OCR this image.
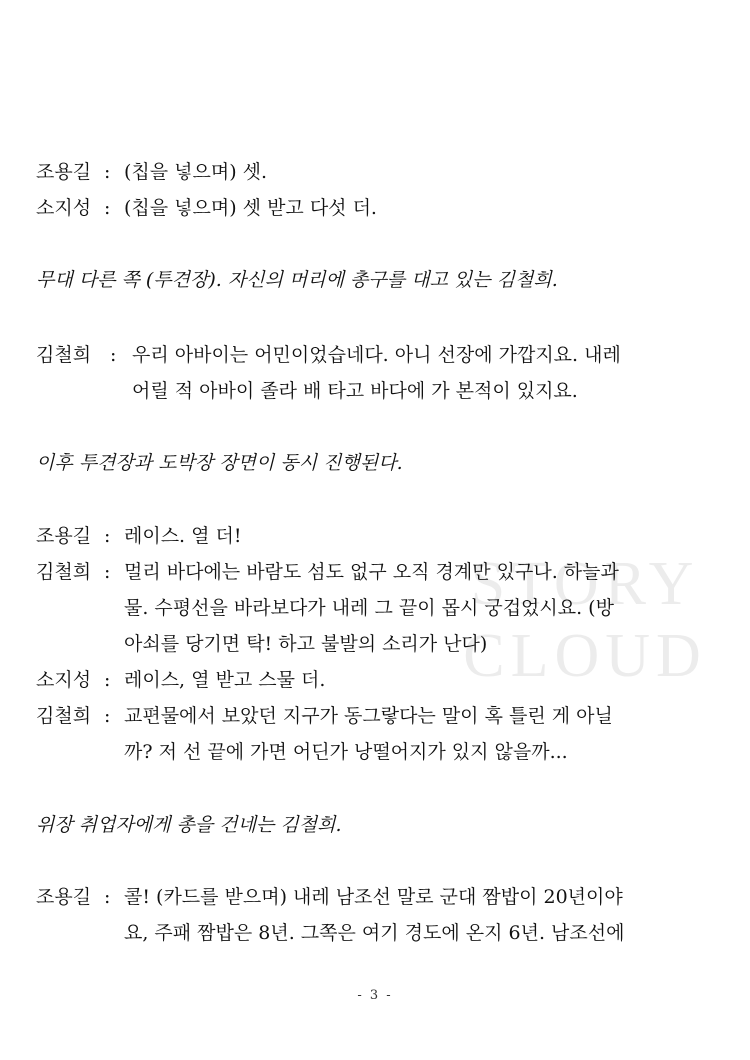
STORY
CLOUD
조용길 : (칩을 넣으며) 셋.
소지성 : (칩을 넣으며) 셋 받고 다섯 더.
무대 다른 쪽 (투견장). 자신의 머리에 총구를 대고 있는 김철희.
김철희 : 우리 아바이는 어민이었습네다. 아니 선장에 가깝지요. 내레
어릴 적 아바이 졸라 배 타고 바다에 가 본적이 있지요.
이후 투견장과 도박장 장면이 동시 진행된다.
조용길 : 레이스. 열 더!
김철희 : 멀리 바다에는 바람도 섬도 없구 오직 경계만 있구나. 하늘과
물. 수평선을 바라보다가 내레 그 끝이 몹시 궁겁었시요. (방
아쇠를 당기면 탁! 하고 불발의 소리가 난다)
소지성 : 레이스, 열 받고 스물 더.
김철희 : 교편물에서 보았던 지구가 동그랗다는 말이 혹 틀린 게 아닐
까? 저 선 끝에 가면 어딘가 낭떨어지가 있지 않을까...
위장 취업자에게 총을 건네는 김철희.
조용길 : 콜! (카드를 받으며) 내레 남조선 말로 군대 짬밥이 20년이야
요, 주패 짬밥은 8년. 그쪽은 여기 경도에 온지 6년. 남조선에
- 3 -
